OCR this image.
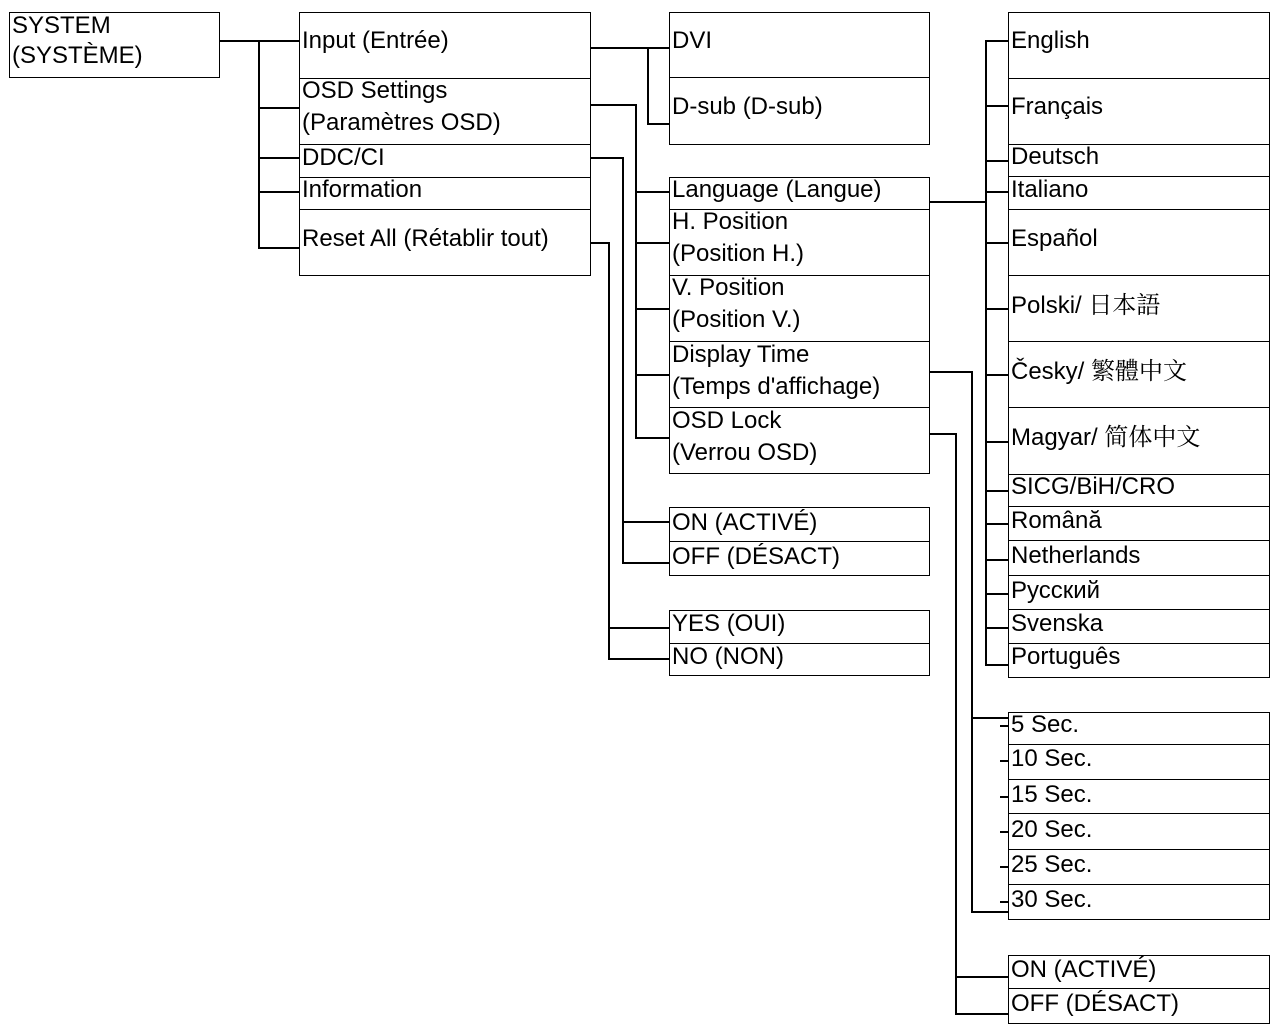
SYSTEM
(SYSTÈME)
Input (Entrée)
OSD Settings
(Paramètres OSD)
DDC/CI
Information
Reset All (Rétablir tout)
DVI
D-sub (D-sub)
Language (Langue)
H. Position
(Position H.)
V. Position
(Position V.)
Display Time
(Temps d'affichage)
OSD Lock
(Verrou OSD)
ON (ACTIVÉ)
OFF (DÉSACT)
YES (OUI)
NO (NON)
English
Français
Deutsch
Italiano
Español
Polski/ 日本語
Česky/ 繁體中文
Magyar/ 简体中文
SICG/BiH/CRO
Română
Netherlands
Русский
Svenska
Português
5 Sec.
10 Sec.
15 Sec.
20 Sec.
25 Sec.
30 Sec.
ON (ACTIVÉ)
OFF (DÉSACT)
